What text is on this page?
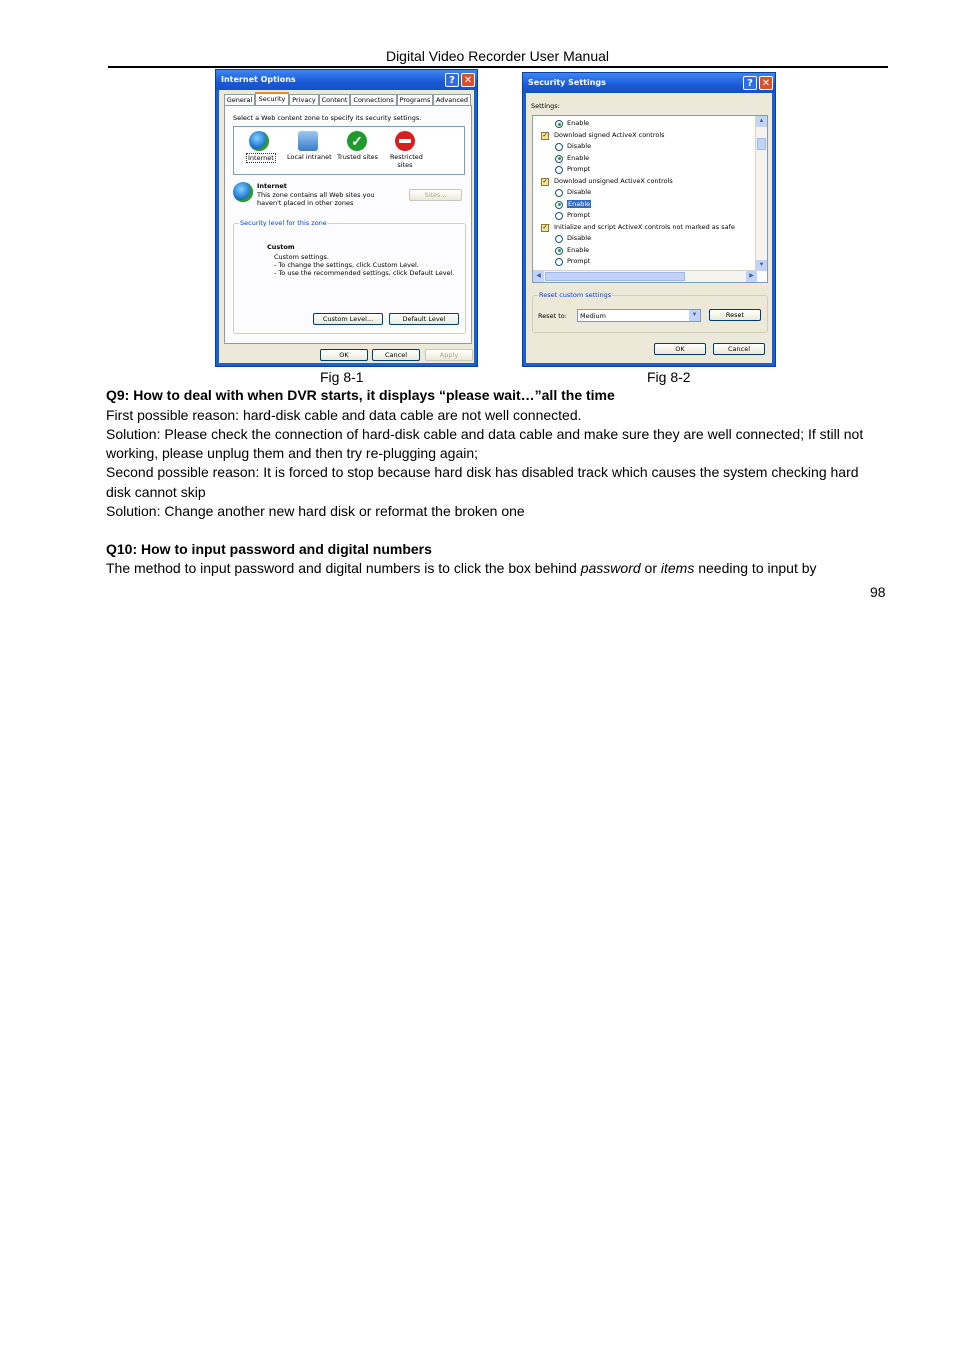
Digital Video Recorder User Manual
Internet Options	? ✕
General Security	Privacy Content Connections Programs Advanced
Select a Web content zone to specify its security settings.
Internet	Local intranet
✓
Trusted sites Restricted sites
Internet
This zone contains all Web sites you
haven't placed in other zones
Sites...
Security level for this zone
Custom
Custom settings.
- To change the settings, click Custom Level.
- To use the recommended settings, click Default Level.
Custom Level...	Default Level
OK	Cancel	Apply
Security Settings	? ✕
Settings:
Enable
✓ Download signed ActiveX controls
Disable
Enable
Prompt
✓ Download unsigned ActiveX controls
Disable
Enable
Prompt
✓ Initialize and script ActiveX controls not marked as safe
Disable
Enable
Prompt
▲
▼
◀	▶
Reset custom settings
Reset to: Medium	▼	Reset
OK	Cancel
Fig 8-1	Fig 8-2
Q9: How to deal with when DVR starts, it displays “please wait…”all the time
First possible reason: hard-disk cable and data cable are not well connected.
Solution: Please check the connection of hard-disk cable and data cable and make sure they are well connected; If still not
working, please unplug them and then try re-plugging again;
Second possible reason: It is forced to stop because hard disk has disabled track which causes the system checking hard
disk cannot skip
Solution: Change another new hard disk or reformat the broken one
Q10: How to input password and digital numbers
The method to input password and digital numbers is to click the box behind password or items needing to input by
98
